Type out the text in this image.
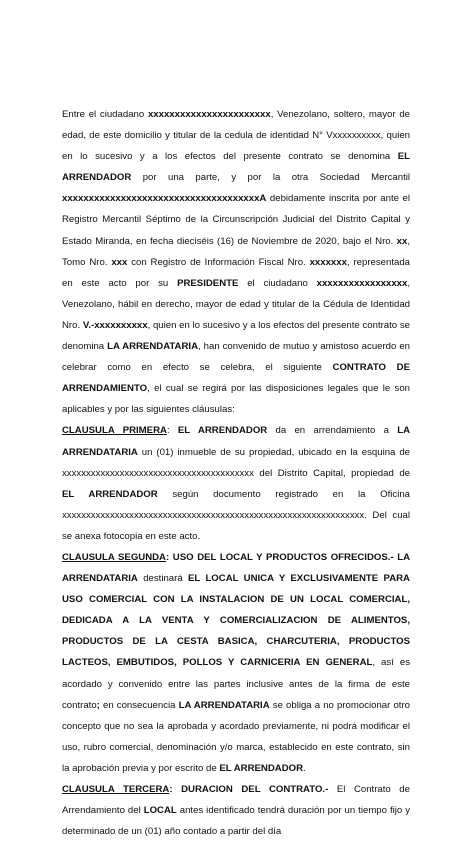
Entre el ciudadano xxxxxxxxxxxxxxxxxxxxxxx, Venezolano, soltero, mayor de edad, de este domicilio y titular de la cedula de identidad N° Vxxxxxxxxxx, quien en lo sucesivo y a los efectos del presente contrato se denomina EL ARRENDADOR por una parte, y por la otra Sociedad Mercantil xxxxxxxxxxxxxxxxxxxxxxxxxxxxxxxxxxxxxA debidamente inscrita por ante el Registro Mercantil Séptimo de la Circunscripción Judicial del Distrito Capital y Estado Miranda, en fecha dieciséis (16) de Noviembre de 2020, bajo el Nro. xx, Tomo Nro. xxx con Registro de Información Fiscal Nro. xxxxxxx, representada en este acto por su PRESIDENTE el ciudadano xxxxxxxxxxxxxxxxx, Venezolano, hábil en derecho, mayor de edad y titular de la Cédula de Identidad Nro. V.-xxxxxxxxxx, quien en lo sucesivo y a los efectos del presente contrato se denomina LA ARRENDATARIA, han convenido de mutuo y amistoso acuerdo en celebrar como en efecto se celebra, el siguiente CONTRATO DE ARRENDAMIENTO, el cual se regirá por las disposiciones legales que le son aplicables y por las siguientes cláusulas:

CLAUSULA PRIMERA: EL ARRENDADOR da en arrendamiento a LA ARRENDATARIA un (01) inmueble de su propiedad, ubicado en la esquina de xxxxxxxxxxxxxxxxxxxxxxxxxxxxxxxxxxxxxxxx del Distrito Capital, propiedad de EL ARRENDADOR según documento registrado en la Oficina xxxxxxxxxxxxxxxxxxxxxxxxxxxxxxxxxxxxxxxxxxxxxxxxxxxxxxxxxxxxxxx. Del cual se anexa fotocopia en este acto.

CLAUSULA SEGUNDA: USO DEL LOCAL Y PRODUCTOS OFRECIDOS.- LA ARRENDATARIA destinará EL LOCAL UNICA Y EXCLUSIVAMENTE PARA USO COMERCIAL CON LA INSTALACION DE UN LOCAL COMERCIAL, DEDICADA A LA VENTA Y COMERCIALIZACION DE ALIMENTOS, PRODUCTOS DE LA CESTA BASICA, CHARCUTERIA, PRODUCTOS LACTEOS, EMBUTIDOS, POLLOS Y CARNICERIA EN GENERAL, así es acordado y convenido entre las partes inclusive antes de la firma de este contrato; en consecuencia LA ARRENDATARIA se obliga a no promocionar otro concepto que no sea la aprobada y acordado previamente, ni podrá modificar el uso, rubro comercial, denominación y/o marca, establecido en este contrato, sin la aprobación previa y por escrito de EL ARRENDADOR.

CLAUSULA TERCERA: DURACION DEL CONTRATO.- El Contrato de Arrendamiento del LOCAL antes identificado tendrá duración por un tiempo fijo y determinado de un (01) año contado a partir del día
